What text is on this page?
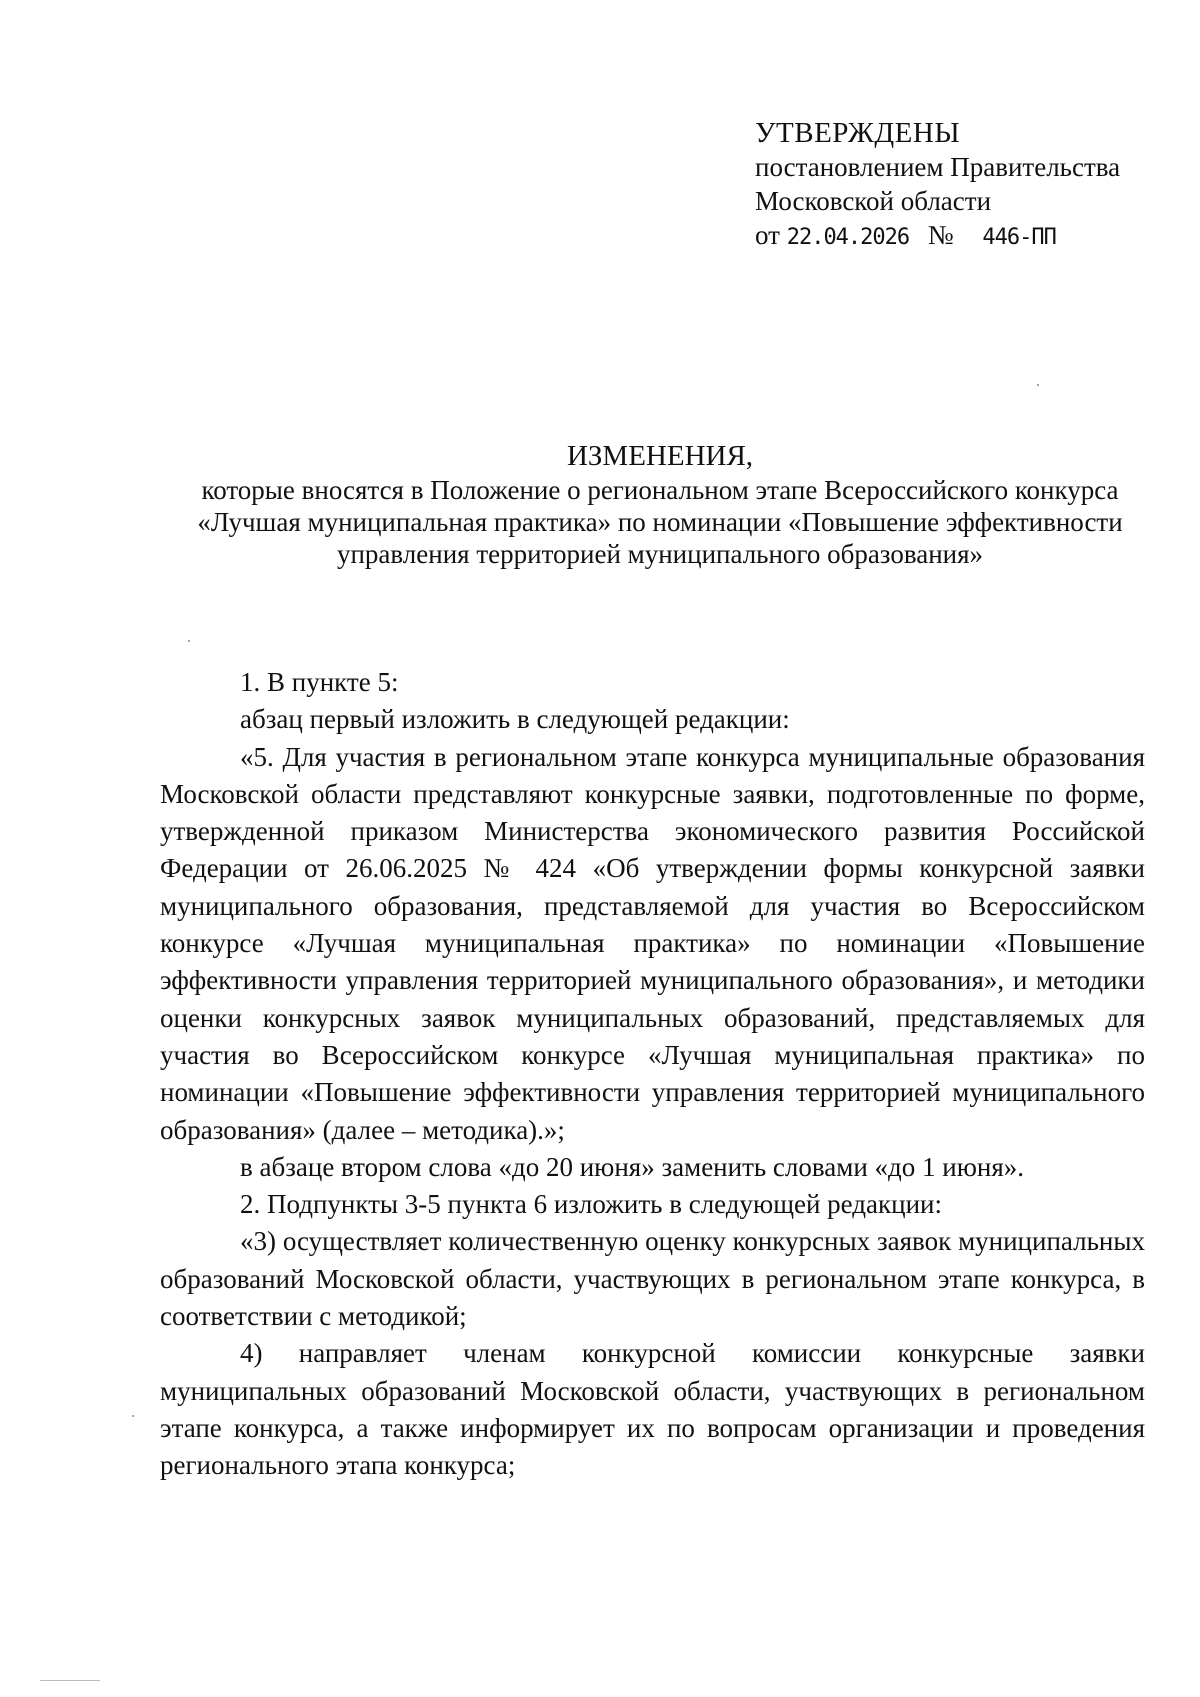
УТВЕРЖДЕНЫ
постановлением Правительства
Московской области
от 22.04.2026 № 446-ПП
ИЗМЕНЕНИЯ,
которые вносятся в Положение о региональном этапе Всероссийского конкурса «Лучшая муниципальная практика» по номинации «Повышение эффективности управления территорией муниципального образования»

1. В пункте 5:

абзац первый изложить в следующей редакции:

«5. Для участия в региональном этапе конкурса муниципальные образования Московской области представляют конкурсные заявки, подготовленные по форме, утвержденной приказом Министерства экономического развития Российской Федерации от 26.06.2025 № 424 «Об утверждении формы конкурсной заявки муниципального образования, представляемой для участия во Всероссийском конкурсе «Лучшая муниципальная практика» по номинации «Повышение эффективности управления территорией муниципального образования», и методики оценки конкурсных заявок муниципальных образований, представляемых для участия во Всероссийском конкурсе «Лучшая муниципальная практика» по номинации «Повышение эффективности управления территорией муниципального образования» (далее – методика).»;

в абзаце втором слова «до 20 июня» заменить словами «до 1 июня».

2. Подпункты 3-5 пункта 6 изложить в следующей редакции:

«3) осуществляет количественную оценку конкурсных заявок муниципальных образований Московской области, участвующих в региональном этапе конкурса, в соответствии с методикой;

4) направляет членам конкурсной комиссии конкурсные заявки муниципальных образований Московской области, участвующих в региональном этапе конкурса, а также информирует их по вопросам организации и проведения регионального этапа конкурса;
